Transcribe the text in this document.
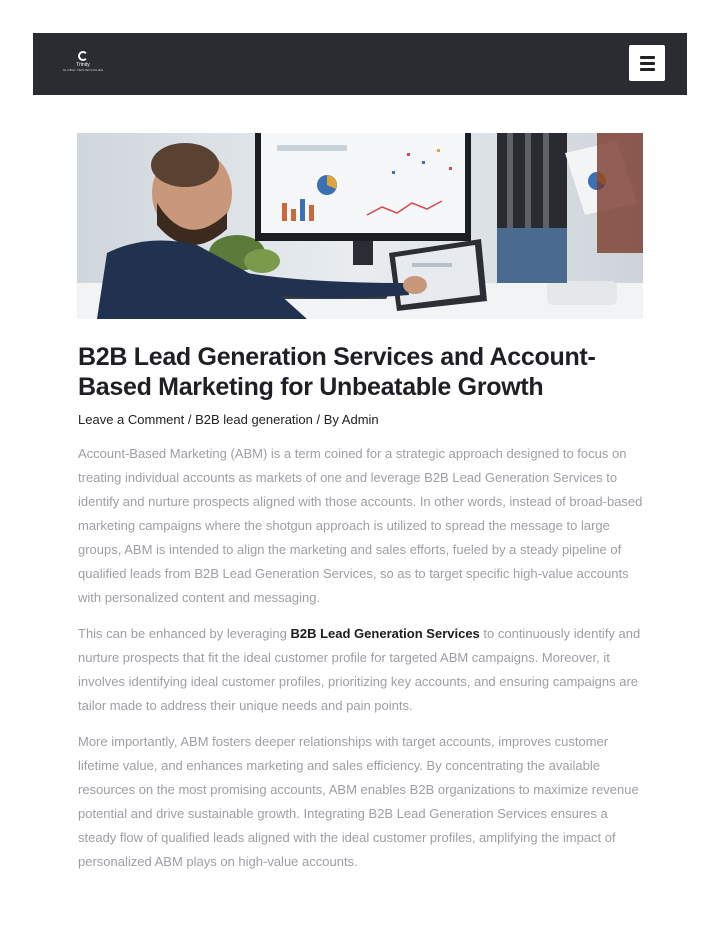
Trinity
GLOBAL TECHNOLOGIES
B2B Lead Generation Services and Account-Based Marketing for Unbeatable Growth
Leave a Comment / B2B lead generation / By Admin

Account-Based Marketing (ABM) is a term coined for a strategic approach designed to focus on treating individual accounts as markets of one and leverage B2B Lead Generation Services to identify and nurture prospects aligned with those accounts. In other words, instead of broad-based marketing campaigns where the shotgun approach is utilized to spread the message to large groups, ABM is intended to align the marketing and sales efforts, fueled by a steady pipeline of qualified leads from B2B Lead Generation Services, so as to target specific high-value accounts with personalized content and messaging.

This can be enhanced by leveraging B2B Lead Generation Services to continuously identify and nurture prospects that fit the ideal customer profile for targeted ABM campaigns. Moreover, it involves identifying ideal customer profiles, prioritizing key accounts, and ensuring campaigns are tailor made to address their unique needs and pain points.

More importantly, ABM fosters deeper relationships with target accounts, improves customer lifetime value, and enhances marketing and sales efficiency. By concentrating the available resources on the most promising accounts, ABM enables B2B organizations to maximize revenue potential and drive sustainable growth. Integrating B2B Lead Generation Services ensures a steady flow of qualified leads aligned with the ideal customer profiles, amplifying the impact of personalized ABM plays on high-value accounts.
